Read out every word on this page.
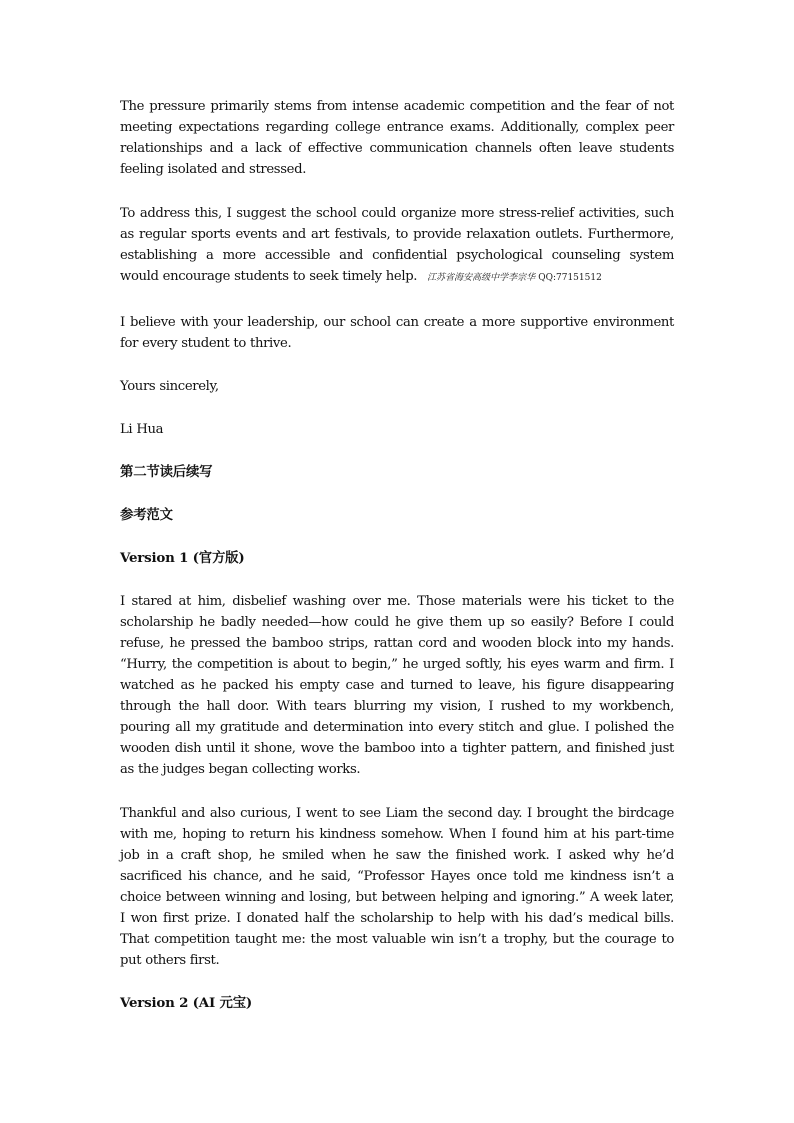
The pressure primarily stems from intense academic competition and the fear of not meeting expectations regarding college entrance exams. Additionally, complex peer relationships and a lack of effective communication channels often leave students feeling isolated and stressed.

To address this, I suggest the school could organize more stress-relief activities, such as regular sports events and art festivals, to provide relaxation outlets. Furthermore, establishing a more accessible and confidential psychological counseling system would encourage students to seek timely help. 江苏省海安高级中学李宗华 QQ:77151512

I believe with your leadership, our school can create a more supportive environment for every student to thrive.

Yours sincerely,

Li Hua

第二节读后续写

参考范文

Version 1 (官方版)

I stared at him, disbelief washing over me. Those materials were his ticket to the scholarship he badly needed—how could he give them up so easily? Before I could refuse, he pressed the bamboo strips, rattan cord and wooden block into my hands. “Hurry, the competition is about to begin,” he urged softly, his eyes warm and firm. I watched as he packed his empty case and turned to leave, his figure disappearing through the hall door. With tears blurring my vision, I rushed to my workbench, pouring all my gratitude and determination into every stitch and glue. I polished the wooden dish until it shone, wove the bamboo into a tighter pattern, and finished just as the judges began collecting works.

Thankful and also curious, I went to see Liam the second day. I brought the birdcage with me, hoping to return his kindness somehow. When I found him at his part-time job in a craft shop, he smiled when he saw the finished work. I asked why he’d sacrificed his chance, and he said, “Professor Hayes once told me kindness isn’t a choice between winning and losing, but between helping and ignoring.” A week later, I won first prize. I donated half the scholarship to help with his dad’s medical bills. That competition taught me: the most valuable win isn’t a trophy, but the courage to put others first.

Version 2 (AI 元宝)
